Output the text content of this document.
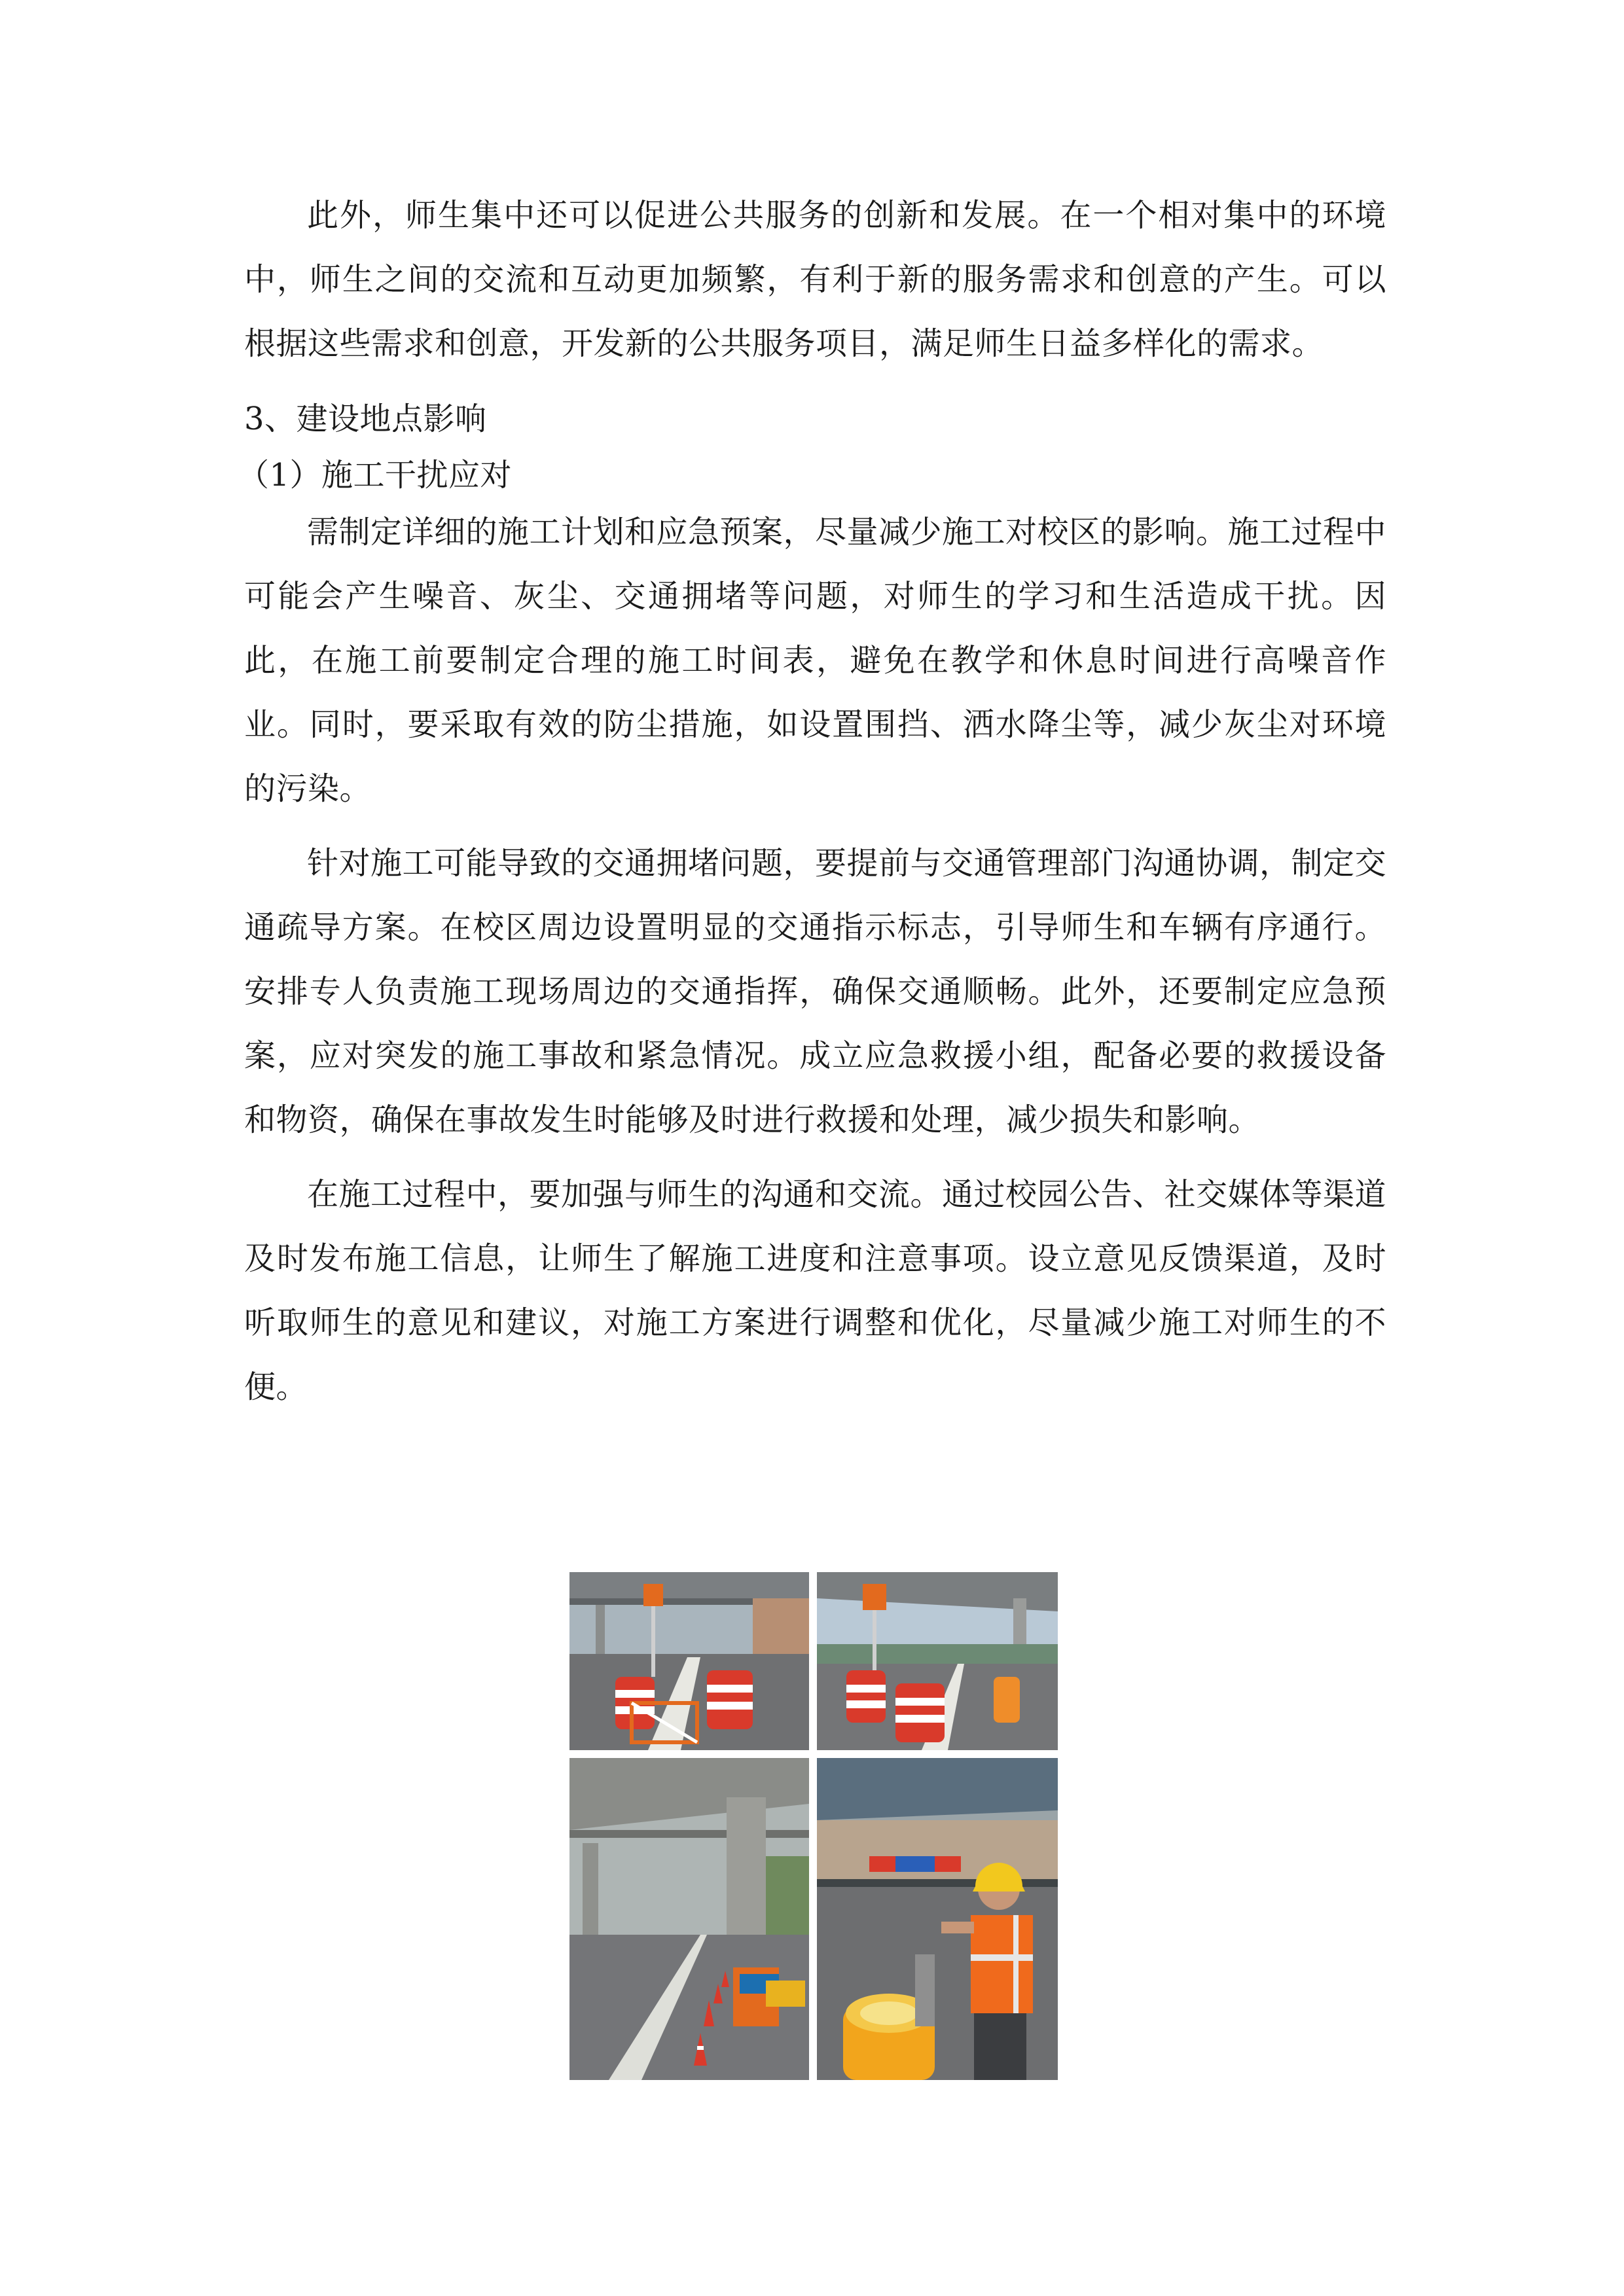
此外，师生集中还可以促进公共服务的创新和发展。在一个相对集中的环境中，师生之间的交流和互动更加频繁，有利于新的服务需求和创意的产生。可以根据这些需求和创意，开发新的公共服务项目，满足师生日益多样化的需求。

3、建设地点影响

（1）施工干扰应对

需制定详细的施工计划和应急预案，尽量减少施工对校区的影响。施工过程中可能会产生噪音、灰尘、交通拥堵等问题，对师生的学习和生活造成干扰。因此，在施工前要制定合理的施工时间表，避免在教学和休息时间进行高噪音作业。同时，要采取有效的防尘措施，如设置围挡、洒水降尘等，减少灰尘对环境的污染。

针对施工可能导致的交通拥堵问题，要提前与交通管理部门沟通协调，制定交通疏导方案。在校区周边设置明显的交通指示标志，引导师生和车辆有序通行。安排专人负责施工现场周边的交通指挥，确保交通顺畅。此外，还要制定应急预案，应对突发的施工事故和紧急情况。成立应急救援小组，配备必要的救援设备和物资，确保在事故发生时能够及时进行救援和处理，减少损失和影响。

在施工过程中，要加强与师生的沟通和交流。通过校园公告、社交媒体等渠道及时发布施工信息，让师生了解施工进度和注意事项。设立意见反馈渠道，及时听取师生的意见和建议，对施工方案进行调整和优化，尽量减少施工对师生的不便。
